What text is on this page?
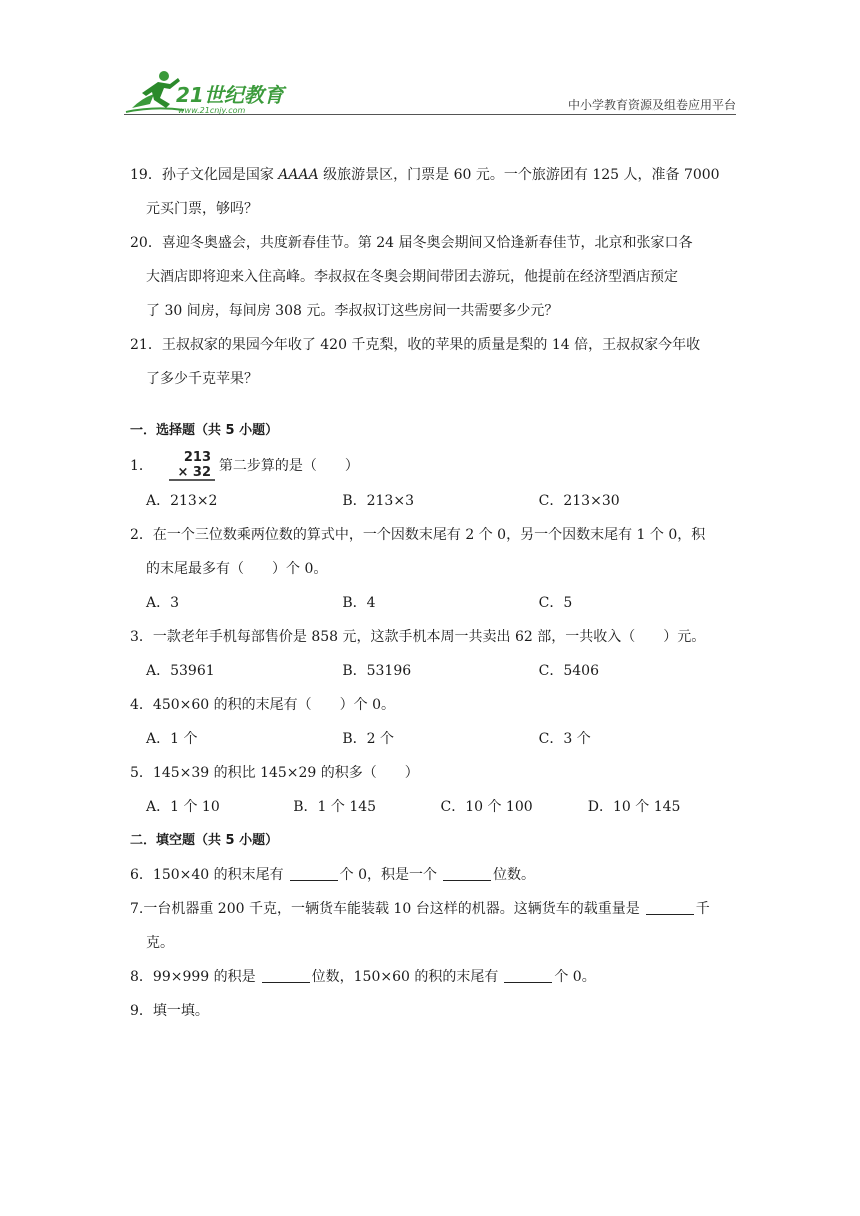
21世纪教育
www.21cnjy.com	中小学教育资源及组卷应用平台

19．孙子文化园是国家 AAAA 级旅游景区，门票是 60 元。一个旅游团有 125 人，准备 7000
元买门票，够吗？

20．喜迎冬奥盛会，共度新春佳节。第 24 届冬奥会期间又恰逢新春佳节，北京和张家口各
大酒店即将迎来入住高峰。李叔叔在冬奥会期间带团去游玩，他提前在经济型酒店预定
了 30 间房，每间房 308 元。李叔叔订这些房间一共需要多少元？

21．王叔叔家的果园今年收了 420 千克梨，收的苹果的质量是梨的 14 倍，王叔叔家今年收
了多少千克苹果？

一．选择题（共 5 小题）
1．
213
× 32 第二步算的是（　　）
A．213×2	B．213×3	C．213×30

2．在一个三位数乘两位数的算式中，一个因数末尾有 2 个 0，另一个因数末尾有 1 个 0，积
的末尾最多有（　　）个 0。

A．3	B．4	C．5

3．一款老年手机每部售价是 858 元，这款手机本周一共卖出 62 部，一共收入（　　）元。

A．53961	B．53196	C．5406

4．450×60 的积的末尾有（　　）个 0。

A．1 个	B．2 个	C．3 个

5．145×39 的积比 145×29 的积多（　　）

A．1 个 10	B．1 个 145	C．10 个 100	D．10 个 145
二．填空题（共 5 小题）

6．150×40 的积末尾有	个 0，积是一个	位数。

7.一台机器重 200 千克，一辆货车能装载 10 台这样的机器。这辆货车的载重量是	千
克。

8．99×999 的积是	位数，150×60 的积的末尾有	个 0。

9．填一填。
